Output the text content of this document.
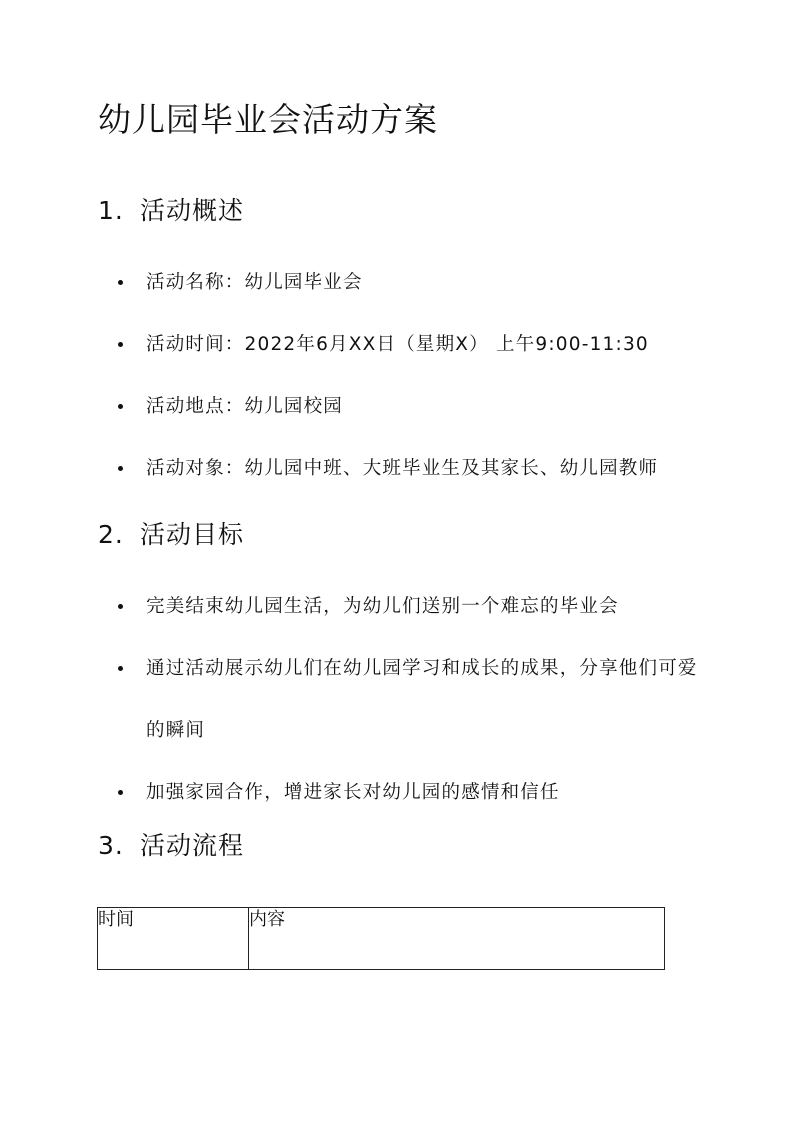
幼儿园毕业会活动方案
1. 活动概述
活动名称：幼儿园毕业会
活动时间：2022年6月XX日（星期X） 上午9:00-11:30
活动地点：幼儿园校园
活动对象：幼儿园中班、大班毕业生及其家长、幼儿园教师
2. 活动目标
完美结束幼儿园生活，为幼儿们送别一个难忘的毕业会
通过活动展示幼儿们在幼儿园学习和成长的成果，分享他们可爱的瞬间
加强家园合作，增进家长对幼儿园的感情和信任
3. 活动流程
时间	内容
